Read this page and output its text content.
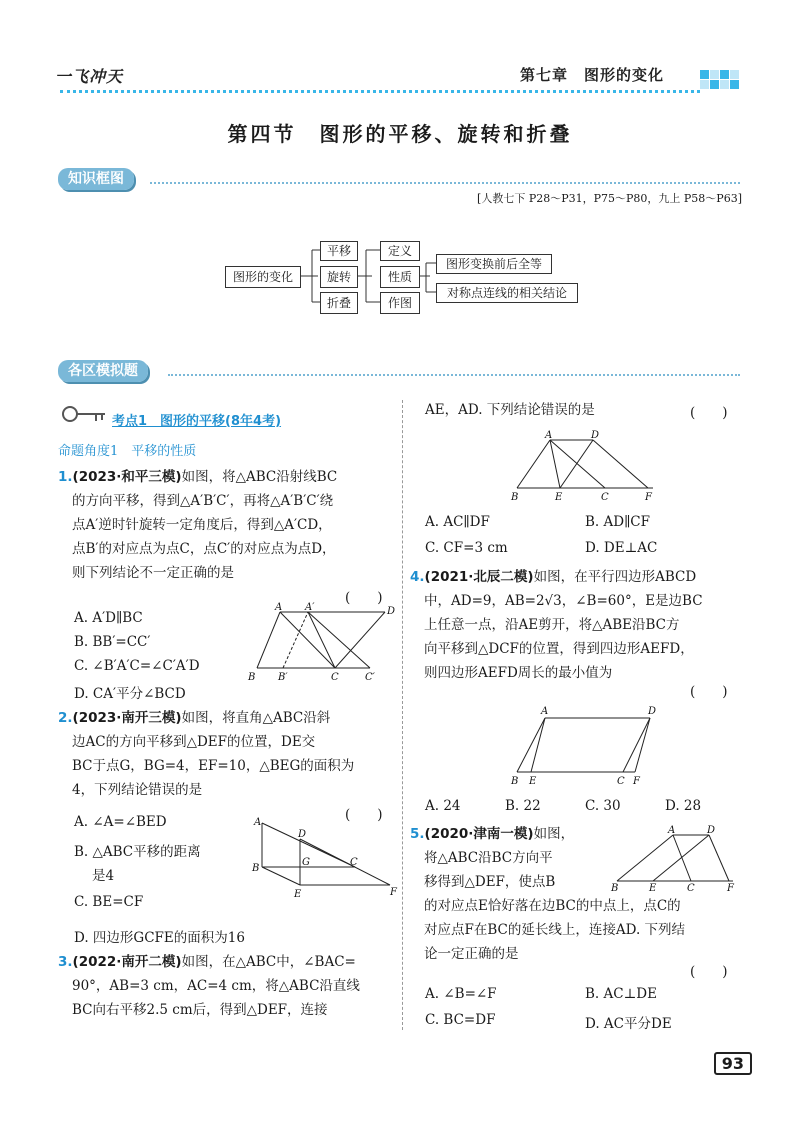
一飞冲天	第七章　图形的变化
第四节　图形的平移、旋转和折叠
知识框图
[人教七下 P28～P31，P75～P80，九上 P58～P63]
图形的变化
平移
旋转
折叠
定义
性质
作图
图形变换前后全等
对称点连线的相关结论
各区模拟题
考点1　图形的平移(8年4考)
命题角度1　平移的性质
1.(2023·和平三模)如图，将△ABC沿射线BC
的方向平移，得到△A′B′C′，再将△A′B′C′绕
点A′逆时针旋转一定角度后，得到△A′CD，
点B′的对应点为点C，点C′的对应点为点D，
则下列结论不一定正确的是
(　　)
A. A′D∥BC
B. BB′=CC′
C. ∠B′A′C=∠C′A′D
D. CA′平分∠BCD
A A′	D
B B′	C	C′
2.(2023·南开三模)如图，将直角△ABC沿斜
边AC的方向平移到△DEF的位置，DE交
BC于点G，BG=4，EF=10，△BEG的面积为
4，下列结论错误的是
(　　)
A. ∠A=∠BED
B. △ABC平移的距离
是4
C. BE=CF
D. 四边形GCFE的面积为16
A
D
G	C
B
E	F
3.(2022·南开二模)如图，在△ABC中，∠BAC=
90°，AB=3 cm，AC=4 cm，将△ABC沿直线
BC向右平移2.5 cm后，得到△DEF，连接
AE，AD. 下列结论错误的是	(　　)
A	D
B	E	C	F
A. AC∥DF	B. AD∥CF
C. CF=3 cm	D. DE⊥AC
4.(2021·北辰二模)如图，在平行四边形ABCD
中，AD=9，AB=2√3，∠B=60°，E是边BC
上任意一点，沿AE剪开，将△ABE沿BC方
向平移到△DCF的位置，得到四边形AEFD，
则四边形AEFD周长的最小值为
(　　)
A	D
B E	C F
A. 24	B. 22	C. 30	D. 28
5.(2020·津南一模)如图，
将△ABC沿BC方向平
移得到△DEF，使点B
的对应点E恰好落在边BC的中点上，点C的
对应点F在BC的延长线上，连接AD. 下列结
论一定正确的是
(　　)
A	D
B	E	C	F
A. ∠B=∠F	B. AC⊥DE
C. BC=DF	D. AC平分DE
93
